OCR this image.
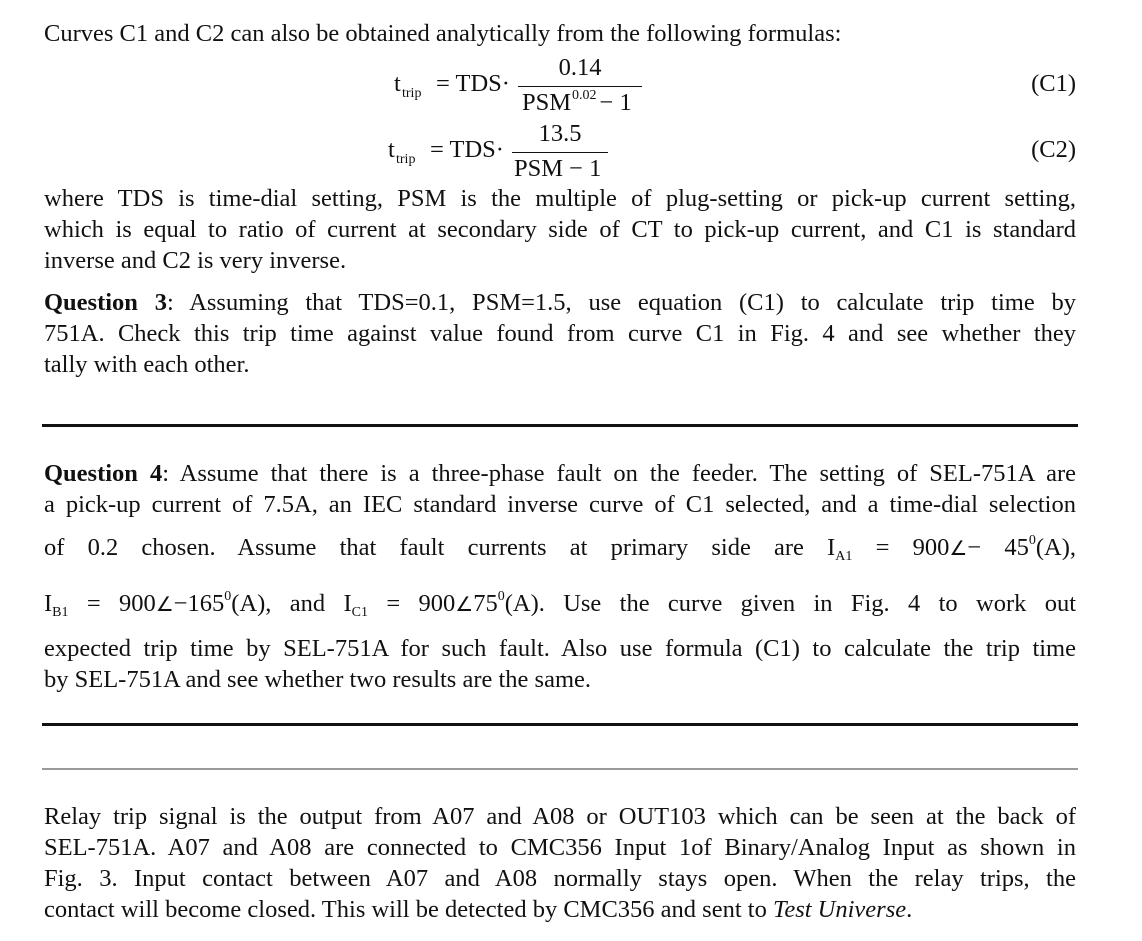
Curves C1 and C2 can also be obtained analytically from the following formulas:
t trip = TDS·
0.14
$PSM^{0.02} - 1$
(C1)
t trip = TDS·
13.5
PSM − 1
(C2)
where TDS is time-dial setting, PSM is the multiple of plug-setting or pick-up current setting,
which is equal to ratio of current at secondary side of CT to pick-up current, and C1 is standard
inverse and C2 is very inverse.
Question 3: Assuming that TDS=0.1, PSM=1.5, use equation (C1) to calculate trip time by
751A. Check this trip time against value found from curve C1 in Fig. 4 and see whether they
tally with each other.
Question 4: Assume that there is a three-phase fault on the feeder. The setting of SEL-751A are
a pick-up current of 7.5A, an IEC standard inverse curve of C1 selected, and a time-dial selection
of 0.2 chosen. Assume that fault currents at primary side are $I_{A1}$ = 900∠− $45^0(A)$,
$I_{B1}$ = $900\angle-165^0(A)$, and $I_{C1}$ = $900\angle 75^0(A)$. Use the curve given in Fig. 4 to work out
expected trip time by SEL-751A for such fault. Also use formula (C1) to calculate the trip time
by SEL-751A and see whether two results are the same.
Relay trip signal is the output from A07 and A08 or OUT103 which can be seen at the back of
SEL-751A. A07 and A08 are connected to CMC356 Input 1of Binary/Analog Input as shown in
Fig. 3. Input contact between A07 and A08 normally stays open. When the relay trips, the
contact will become closed. This will be detected by CMC356 and sent to Test Universe.
